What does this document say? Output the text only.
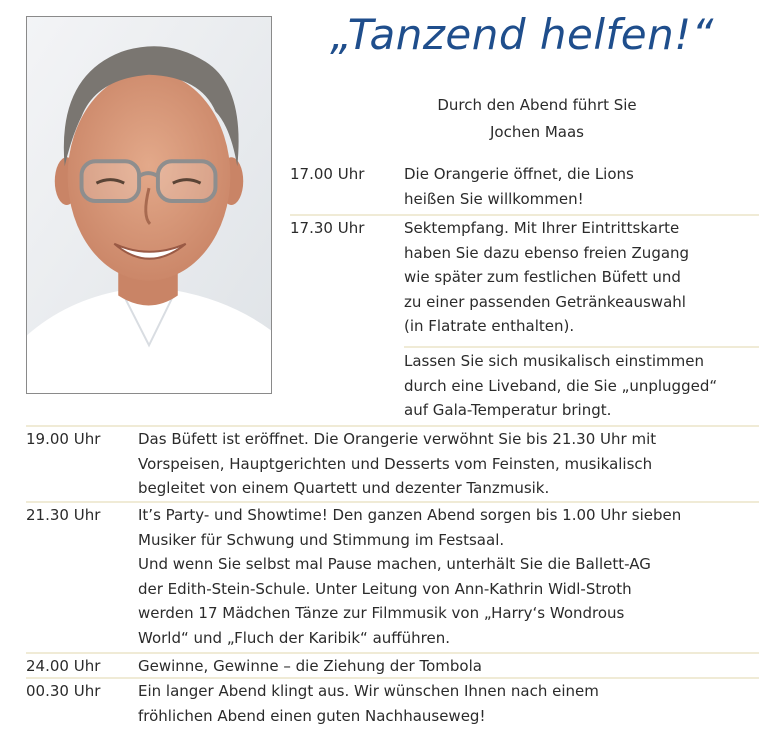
„Tanzend helfen!“
Durch den Abend führt Sie
Jochen Maas
17.00 Uhr	Die Orangerie öffnet, die Lions
heißen Sie willkommen!
17.30 Uhr	Sektempfang. Mit Ihrer Eintrittskarte
haben Sie dazu ebenso freien Zugang
wie später zum festlichen Büfett und
zu einer passenden Getränkeauswahl
(in Flatrate enthalten).
Lassen Sie sich musikalisch einstimmen
durch eine Liveband, die Sie „unplugged“
auf Gala-Temperatur bringt.
19.00 Uhr	Das Büfett ist eröffnet. Die Orangerie verwöhnt Sie bis 21.30 Uhr mit
Vorspeisen, Hauptgerichten und Desserts vom Feinsten, musikalisch
begleitet von einem Quartett und dezenter Tanzmusik.
21.30 Uhr	It’s Party- und Showtime! Den ganzen Abend sorgen bis 1.00 Uhr sieben
Musiker für Schwung und Stimmung im Festsaal.
Und wenn Sie selbst mal Pause machen, unterhält Sie die Ballett-AG
der Edith-Stein-Schule. Unter Leitung von Ann-Kathrin Widl-Stroth
werden 17 Mädchen Tänze zur Filmmusik von „Harry‘s Wondrous
World“ und „Fluch der Karibik“ aufführen.
24.00 Uhr	Gewinne, Gewinne – die Ziehung der Tombola
00.30 Uhr	Ein langer Abend klingt aus. Wir wünschen Ihnen nach einem
fröhlichen Abend einen guten Nachhauseweg!
